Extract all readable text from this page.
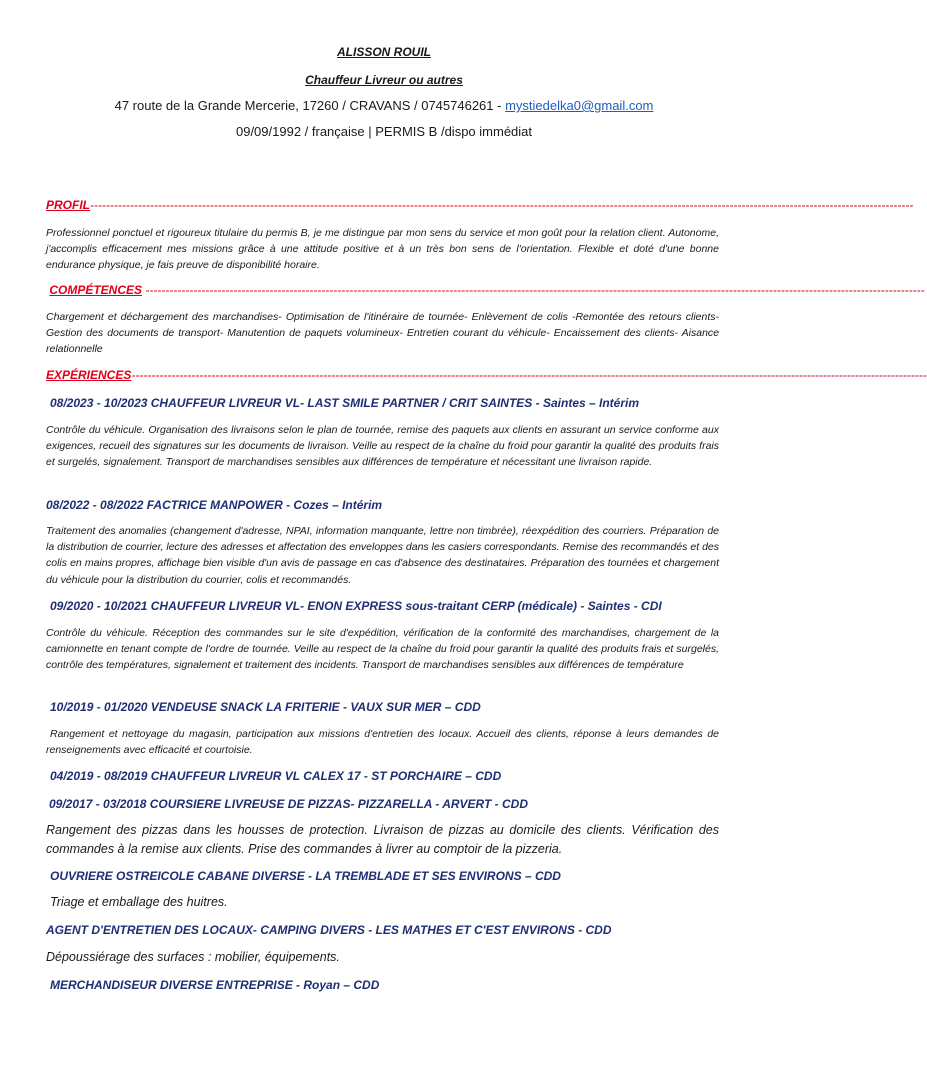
ALISSON ROUIL
Chauffeur Livreur ou autres
47 route de la Grande Mercerie, 17260 / CRAVANS / 0745746261 - mystiedelka0@gmail.com
09/09/1992 / française | PERMIS B /dispo immédiat
PROFIL--------------------------------------------------------------------------------------------------------------------------------------------------------------------------------------------------------------
Professionnel ponctuel et rigoureux titulaire du permis B, je me distingue par mon sens du service et mon goût pour la relation client. Autonome, j'accomplis efficacement mes missions grâce à une attitude positive et à un très bon sens de l'orientation. Flexible et doté d'une bonne endurance physique, je fais preuve de disponibilité horaire.
COMPÉTENCES ---------------------------------------------------------------------------------------------------------------------------------------------------------------------------------------------------
Chargement et déchargement des marchandises- Optimisation de l'itinéraire de tournée- Enlèvement de colis -Remontée des retours clients- Gestion des documents de transport- Manutention de paquets volumineux- Entretien courant du véhicule- Encaissement des clients- Aisance relationnelle
EXPÉRIENCES-------------------------------------------------------------------------------------------------------------------------------------------------------------------------------------------------------
08/2023 - 10/2023 CHAUFFEUR LIVREUR VL- LAST SMILE PARTNER / CRIT SAINTES - Saintes – Intérim
Contrôle du véhicule. Organisation des livraisons selon le plan de tournée, remise des paquets aux clients en assurant un service conforme aux exigences, recueil des signatures sur les documents de livraison. Veille au respect de la chaîne du froid pour garantir la qualité des produits frais et surgelés, signalement. Transport de marchandises sensibles aux différences de température et nécessitant une livraison rapide.
08/2022 - 08/2022 FACTRICE MANPOWER - Cozes – Intérim
Traitement des anomalies (changement d'adresse, NPAI, information manquante, lettre non timbrée), réexpédition des courriers. Préparation de la distribution de courrier, lecture des adresses et affectation des enveloppes dans les casiers correspondants. Remise des recommandés et des colis en mains propres, affichage bien visible d'un avis de passage en cas d'absence des destinataires. Préparation des tournées et chargement du véhicule pour la distribution du courrier, colis et recommandés.
09/2020 - 10/2021 CHAUFFEUR LIVREUR VL- ENON EXPRESS sous-traitant CERP (médicale) - Saintes - CDI
Contrôle du véhicule. Réception des commandes sur le site d'expédition, vérification de la conformité des marchandises, chargement de la camionnette en tenant compte de l'ordre de tournée. Veille au respect de la chaîne du froid pour garantir la qualité des produits frais et surgelés, contrôle des températures, signalement et traitement des incidents. Transport de marchandises sensibles aux différences de température
10/2019 - 01/2020 VENDEUSE SNACK LA FRITERIE - VAUX SUR MER – CDD
Rangement et nettoyage du magasin, participation aux missions d'entretien des locaux. Accueil des clients, réponse à leurs demandes de renseignements avec efficacité et courtoisie.
04/2019 - 08/2019 CHAUFFEUR LIVREUR VL CALEX 17 - ST PORCHAIRE – CDD
09/2017 - 03/2018 COURSIERE LIVREUSE DE PIZZAS- PIZZARELLA - ARVERT - CDD
Rangement des pizzas dans les housses de protection. Livraison de pizzas au domicile des clients. Vérification des commandes à la remise aux clients. Prise des commandes à livrer au comptoir de la pizzeria.
OUVRIERE OSTREICOLE CABANE DIVERSE - LA TREMBLADE ET SES ENVIRONS – CDD
Triage et emballage des huitres.
AGENT D'ENTRETIEN DES LOCAUX- CAMPING DIVERS - LES MATHES ET C'EST ENVIRONS - CDD
Dépoussiérage des surfaces : mobilier, équipements.
MERCHANDISEUR DIVERSE ENTREPRISE - Royan – CDD
